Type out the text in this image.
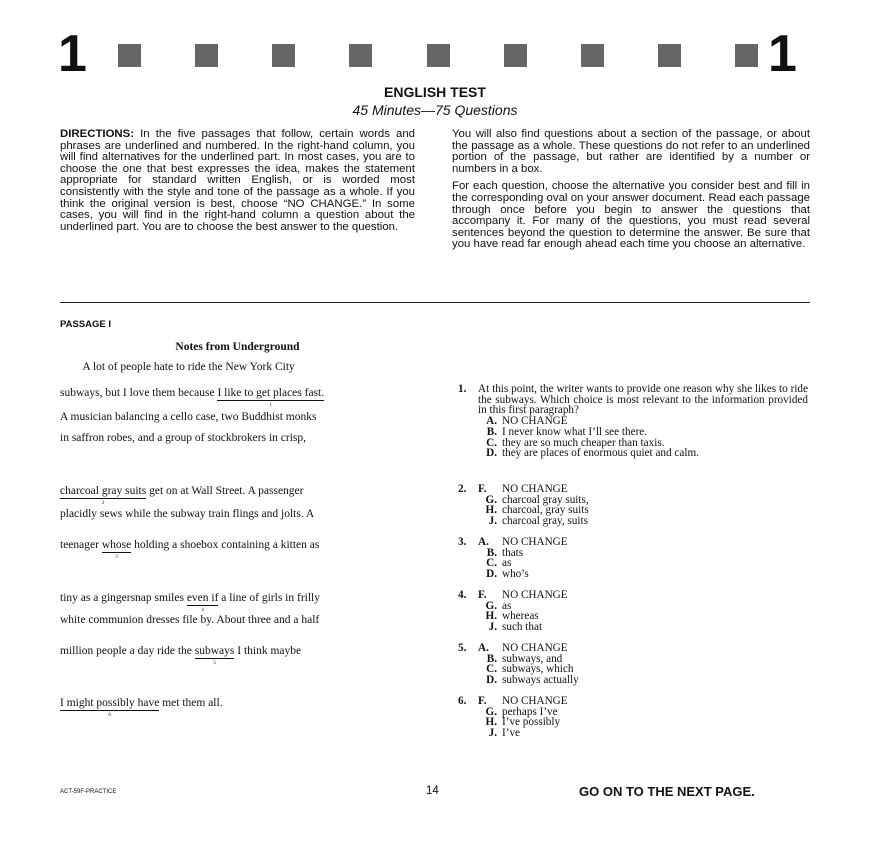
1	1
ENGLISH TEST
45 Minutes—75 Questions
DIRECTIONS: In the five passages that follow, certain words and phrases are underlined and numbered. In the right-hand column, you will find alternatives for the underlined part. In most cases, you are to choose the one that best expresses the idea, makes the statement appropriate for standard written English, or is worded most consistently with the style and tone of the passage as a whole. If you think the original version is best, choose “NO CHANGE.” In some cases, you will find in the right-hand column a question about the underlined part. You are to choose the best answer to the question.

You will also find questions about a section of the passage, or about the passage as a whole. These questions do not refer to an underlined portion of the passage, but rather are identified by a number or numbers in a box.

For each question, choose the alternative you consider best and fill in the corresponding oval on your answer document. Read each passage through once before you begin to answer the questions that accompany it. For many of the questions, you must read several sentences beyond the question to determine the answer. Be sure that you have read far enough ahead each time you choose an alternative.

PASSAGE I
Notes from Underground
A lot of people hate to ride the New York City
subways, but I love them because I like to get places fast.
1
A musician balancing a cello case, two Buddhist monks
in saffron robes, and a group of stockbrokers in crisp,
charcoal gray suits
2
get on at Wall Street. A passenger
placidly sews while the subway train flings and jolts. A
teenager whose
3
holding a shoebox containing a kitten as
tiny as a gingersnap smiles even if
4
a line of girls in frilly
white communion dresses file by. About three and a half
million people a day ride the subways
5
I think maybe
I might possibly have
6
met them all.
1.	At this point, the writer wants to provide one reason why she likes to ride the subways. Which choice is most relevant to the information provided in this first paragraph?
A. NO CHANGE
B. I never know what I’ll see there.
C. they are so much cheaper than taxis.
D. they are places of enormous quiet and calm.
2.	F.	NO CHANGE
G. charcoal gray suits,
H. charcoal, gray suits
J. charcoal gray, suits
3.	A.	NO CHANGE
B. thats
C. as
D. who’s
4.	F.	NO CHANGE
G. as
H. whereas
J. such that
5.	A.	NO CHANGE
B. subways, and
C. subways, which
D. subways actually
6.	F.	NO CHANGE
G. perhaps I’ve
H. I’ve possibly
J. I’ve
ACT-59F-PRACTICE	14	GO ON TO THE NEXT PAGE.
